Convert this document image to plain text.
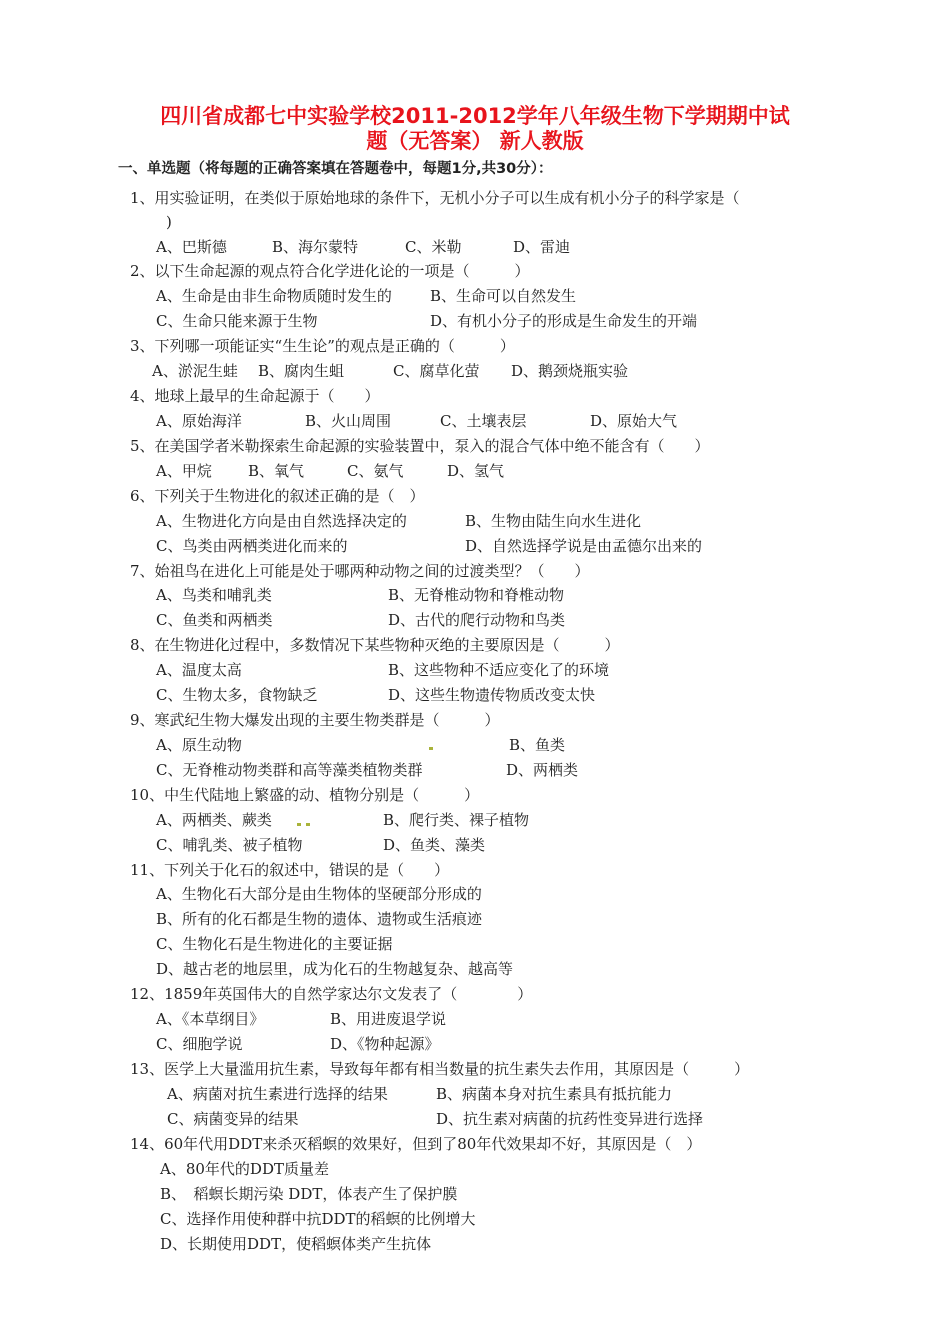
四川省成都七中实验学校2011-2012学年八年级生物下学期期中试
题（无答案） 新人教版
一、单选题（将每题的正确答案填在答题卷中，每题1分,共30分）：
1、用实验证明，在类似于原始地球的条件下，无机小分子可以生成有机小分子的科学家是（
)
A、巴斯德	B、海尔蒙特	C、米勒	D、雷迪
2、以下生命起源的观点符合化学进化论的一项是（　　　）
A、生命是由非生命物质随时发生的	B、生命可以自然发生
C、生命只能来源于生物	D、有机小分子的形成是生命发生的开端
3、下列哪一项能证实“生生论”的观点是正确的（　　　）
A、淤泥生蛙 B、腐肉生蛆	C、腐草化萤 D、鹅颈烧瓶实验
4、地球上最早的生命起源于（　　）
A、原始海洋	B、火山周围	C、土壤表层	D、原始大气
5、在美国学者米勒探索生命起源的实验装置中，泵入的混合气体中绝不能含有（　　）
A、甲烷 B、氧气	C、氨气	D、氢气
6、下列关于生物进化的叙述正确的是（　）
A、生物进化方向是由自然选择决定的	B、生物由陆生向水生进化
C、鸟类由两栖类进化而来的	D、自然选择学说是由孟德尔出来的
7、始祖鸟在进化上可能是处于哪两种动物之间的过渡类型？（　　）
A、鸟类和哺乳类	B、无脊椎动物和脊椎动物
C、鱼类和两栖类	D、古代的爬行动物和鸟类
8、在生物进化过程中，多数情况下某些物种灭绝的主要原因是（　　　）
A、温度太高	B、这些物种不适应变化了的环境
C、生物太多，食物缺乏	D、这些生物遗传物质改变太快
9、寒武纪生物大爆发出现的主要生物类群是（　　　）
A、原生动物	B、鱼类
C、无脊椎动物类群和高等藻类植物类群	D、两栖类
10、中生代陆地上繁盛的动、植物分别是（　　　）
A、两栖类、蕨类	B、爬行类、裸子植物
C、哺乳类、被子植物	D、鱼类、藻类
11、下列关于化石的叙述中，错误的是（　　）
A、生物化石大部分是由生物体的坚硬部分形成的
B、所有的化石都是生物的遗体、遗物或生活痕迹
C、生物化石是生物进化的主要证据
D、越古老的地层里，成为化石的生物越复杂、越高等
12、1859年英国伟大的自然学家达尔文发表了（　　　　）
A、《本草纲目》	B、用进废退学说
C、细胞学说	D、《物种起源》
13、医学上大量滥用抗生素，导致每年都有相当数量的抗生素失去作用，其原因是（　　　）
A、病菌对抗生素进行选择的结果	B、病菌本身对抗生素具有抵抗能力
C、病菌变异的结果	D、抗生素对病菌的抗药性变异进行选择
14、60年代用DDT来杀灭稻螟的效果好，但到了80年代效果却不好，其原因是（　）
A、80年代的DDT质量差
B、　稻螟长期污染 DDT，体表产生了保护膜
C、选择作用使种群中抗DDT的稻螟的比例增大
D、长期使用DDT，使稻螟体类产生抗体
